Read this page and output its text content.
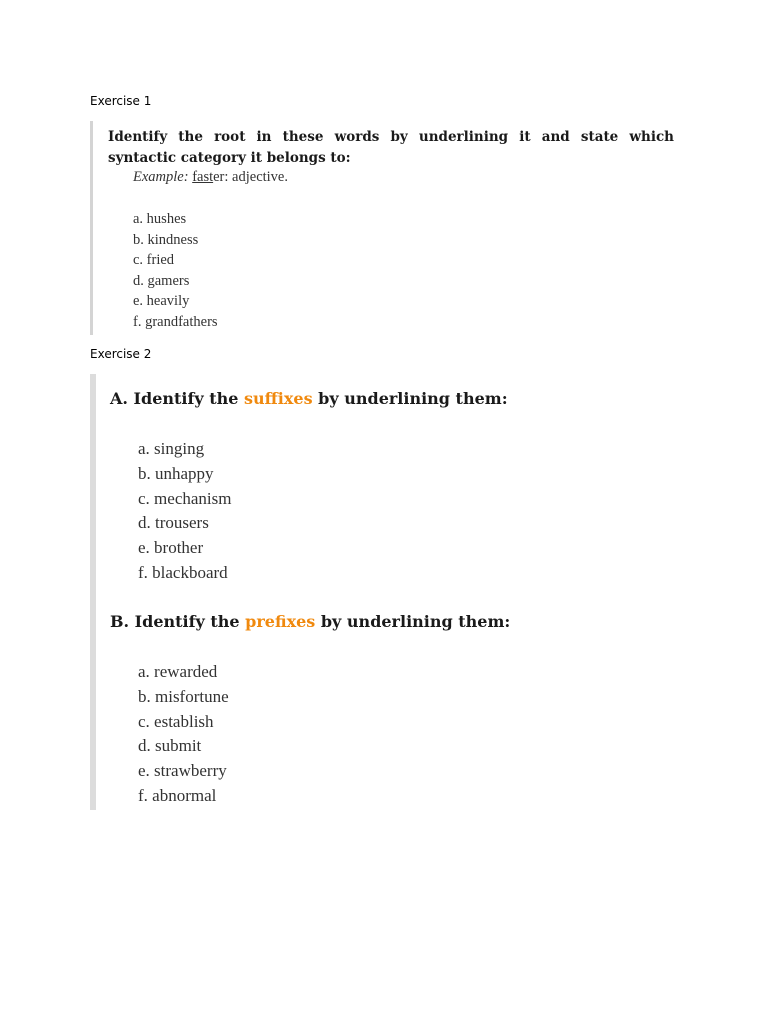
Exercise 1
Identify the root in these words by underlining it and state which syntactic category it belongs to:
Example: faster: adjective.
a. hushes
b. kindness
c. fried
d. gamers
e. heavily
f. grandfathers
Exercise 2
A. Identify the suffixes by underlining them:
a. singing
b. unhappy
c. mechanism
d. trousers
e. brother
f. blackboard
B. Identify the prefixes by underlining them:
a. rewarded
b. misfortune
c. establish
d. submit
e. strawberry
f. abnormal
